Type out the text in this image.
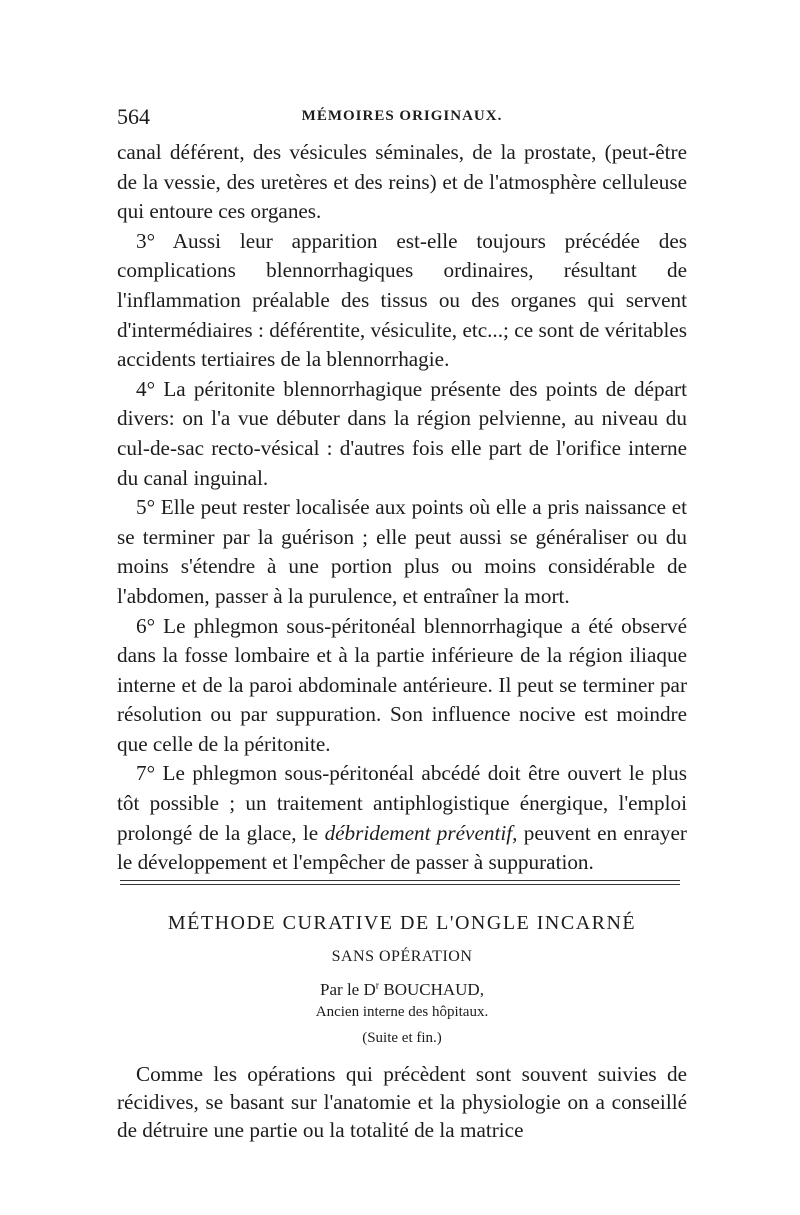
564	MÉMOIRES ORIGINAUX.

canal déférent, des vésicules séminales, de la prostate, (peut-être de la vessie, des uretères et des reins) et de l'atmosphère celluleuse qui entoure ces organes.

3° Aussi leur apparition est-elle toujours précédée des complications blennorrhagiques ordinaires, résultant de l'inflammation préalable des tissus ou des organes qui servent d'intermédiaires : déférentite, vésiculite, etc...; ce sont de véritables accidents tertiaires de la blennorrhagie.

4° La péritonite blennorrhagique présente des points de départ divers: on l'a vue débuter dans la région pelvienne, au niveau du cul-de-sac recto-vésical : d'autres fois elle part de l'orifice interne du canal inguinal.

5° Elle peut rester localisée aux points où elle a pris naissance et se terminer par la guérison ; elle peut aussi se généraliser ou du moins s'étendre à une portion plus ou moins considérable de l'abdomen, passer à la purulence, et entraîner la mort.

6° Le phlegmon sous-péritonéal blennorrhagique a été observé dans la fosse lombaire et à la partie inférieure de la région iliaque interne et de la paroi abdominale antérieure. Il peut se terminer par résolution ou par suppuration. Son influence nocive est moindre que celle de la péritonite.

7° Le phlegmon sous-péritonéal abcédé doit être ouvert le plus tôt possible ; un traitement antiphlogistique énergique, l'emploi prolongé de la glace, le débridement préventif, peuvent en enrayer le développement et l'empêcher de passer à suppuration.

MÉTHODE CURATIVE DE L'ONGLE INCARNÉ
SANS OPÉRATION
Par le $D^r$ BOUCHAUD,
Ancien interne des hôpitaux.
(Suite et fin.)

Comme les opérations qui précèdent sont souvent suivies de récidives, se basant sur l'anatomie et la physiologie on a conseillé de détruire une partie ou la totalité de la matrice
